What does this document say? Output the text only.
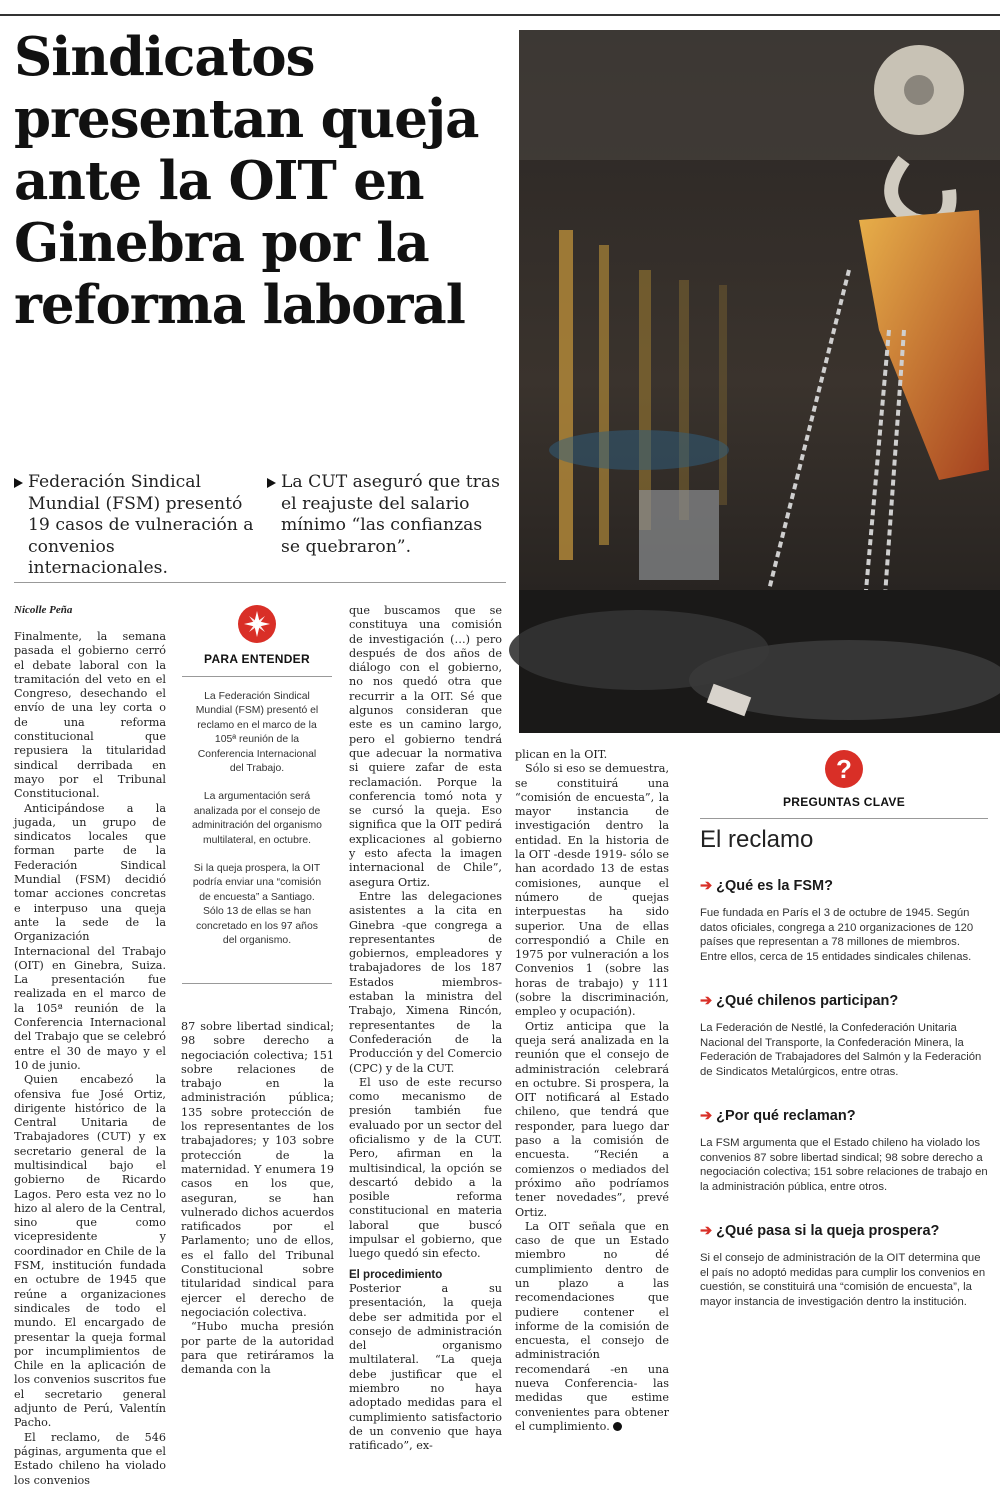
Sindicatos
presentan queja
ante la OIT en
Ginebra por la
reforma laboral
Federación Sindical Mundial (FSM) presentó 19 casos de vulneración a convenios internacionales.
La CUT aseguró que tras el reajuste del salario mínimo “las confianzas se quebraron”.
Nicolle Peña

Finalmente, la semana pasada el gobierno cerró el debate laboral con la tramitación del veto en el Congreso, desechando el envío de una ley corta o de una reforma constitucional que repusiera la titularidad sindical derribada en mayo por el Tribunal Constitucional.

Anticipándose a la jugada, un grupo de sindicatos locales que forman parte de la Federación Sindical Mundial (FSM) decidió tomar acciones concretas e interpuso una queja ante la sede de la Organización Internacional del Trabajo (OIT) en Ginebra, Suiza. La presentación fue realizada en el marco de la 105ª reunión de la Conferencia Internacional del Trabajo que se celebró entre el 30 de mayo y el 10 de junio.

Quien encabezó la ofensiva fue José Ortiz, dirigente histórico de la Central Unitaria de Trabajadores (CUT) y ex secretario general de la multisindical bajo el gobierno de Ricardo Lagos. Pero esta vez no lo hizo al alero de la Central, sino que como vicepresidente y coordinador en Chile de la FSM, institución fundada en octubre de 1945 que reúne a organizaciones sindicales de todo el mundo. El encargado de presentar la queja formal por incumplimientos de Chile en la aplicación de los convenios suscritos fue el secretario general adjunto de Perú, Valentín Pacho.

El reclamo, de 546 páginas, argumenta que el Estado chileno ha violado los convenios

PARA ENTENDER

La Federación Sindical Mundial (FSM) presentó el reclamo en el marco de la 105ª reunión de la Conferencia Internacional del Trabajo.

La argumentación será analizada por el consejo de adminitración del organismo multilateral, en octubre.

Si la queja prospera, la OIT podría enviar una “comisión de encuesta” a Santiago. Sólo 13 de ellas se han concretado en los 97 años del organismo.

87 sobre libertad sindical; 98 sobre derecho a negociación colectiva; 151 sobre relaciones de trabajo en la administración pública; 135 sobre protección de los representantes de los trabajadores; y 103 sobre protección de la maternidad. Y enumera 19 casos en los que, aseguran, se han vulnerado dichos acuerdos ratificados por el Parlamento; uno de ellos, es el fallo del Tribunal Constitucional sobre titularidad sindical para ejercer el derecho de negociación colectiva.

“Hubo mucha presión por parte de la autoridad para que retiráramos la demanda con la

que buscamos que se constituya una comisión de investigación (…) pero después de dos años de diálogo con el gobierno, no nos quedó otra que recurrir a la OIT. Sé que algunos consideran que este es un camino largo, pero el gobierno tendrá que adecuar la normativa si quiere zafar de esta reclamación. Porque la conferencia tomó nota y se cursó la queja. Eso significa que la OIT pedirá explicaciones al gobierno y esto afecta la imagen internacional de Chile”, asegura Ortiz.

Entre las delegaciones asistentes a la cita en Ginebra -que congrega a representantes de gobiernos, empleadores y trabajadores de los 187 Estados miembros- estaban la ministra del Trabajo, Ximena Rincón, representantes de la Confederación de la Producción y del Comercio (CPC) y de la CUT.

El uso de este recurso como mecanismo de presión también fue evaluado por un sector del oficialismo y de la CUT. Pero, afirman en la multisindical, la opción se descartó debido a la posible reforma constitucional en materia laboral que buscó impulsar el gobierno, que luego quedó sin efecto.

El procedimiento

Posterior a su presentación, la queja debe ser admitida por el consejo de administración del organismo multilateral. “La queja debe justificar que el miembro no haya adoptado medidas para el cumplimiento satisfactorio de un convenio que haya ratificado”, ex-

plican en la OIT.

Sólo si eso se demuestra, se constituirá una “comisión de encuesta”, la mayor instancia de investigación dentro la entidad. En la historia de la OIT -desde 1919- sólo se han acordado 13 de estas comisiones, aunque el número de quejas interpuestas ha sido superior. Una de ellas correspondió a Chile en 1975 por vulneración a los Convenios 1 (sobre las horas de trabajo) y 111 (sobre la discriminación, empleo y ocupación).

Ortiz anticipa que la queja será analizada en la reunión que el consejo de administración celebrará en octubre. Si prospera, la OIT notificará al Estado chileno, que tendrá que responder, para luego dar paso a la comisión de encuesta. “Recién a comienzos o mediados del próximo año podríamos tener novedades”, prevé Ortiz.

La OIT señala que en caso de que un Estado miembro no dé cumplimiento dentro de un plazo a las recomendaciones que pudiere contener el informe de la comisión de encuesta, el consejo de administración recomendará -en una nueva Conferencia- las medidas que estime convenientes para obtener el cumplimiento.

?
PREGUNTAS CLAVE
El reclamo
➔ ¿Qué es la FSM?
Fue fundada en París el 3 de octubre de 1945. Según datos oficiales, congrega a 210 organizaciones de 120 países que representan a 78 millones de miembros. Entre ellos, cerca de 15 entidades sindicales chilenas.
➔ ¿Qué chilenos participan?
La Federación de Nestlé, la Confederación Unitaria Nacional del Transporte, la Confederación Minera, la Federación de Trabajadores del Salmón y la Federación de Sindicatos Metalúrgicos, entre otras.
➔ ¿Por qué reclaman?
La FSM argumenta que el Estado chileno ha violado los convenios 87 sobre libertad sindical; 98 sobre derecho a negociación colectiva; 151 sobre relaciones de trabajo en la administración pública, entre otros.
➔ ¿Qué pasa si la queja prospera?
Si el consejo de administración de la OIT determina que el país no adoptó medidas para cumplir los convenios en cuestión, se constituirá una “comisión de encuesta”, la mayor instancia de investigación dentro la institución.
